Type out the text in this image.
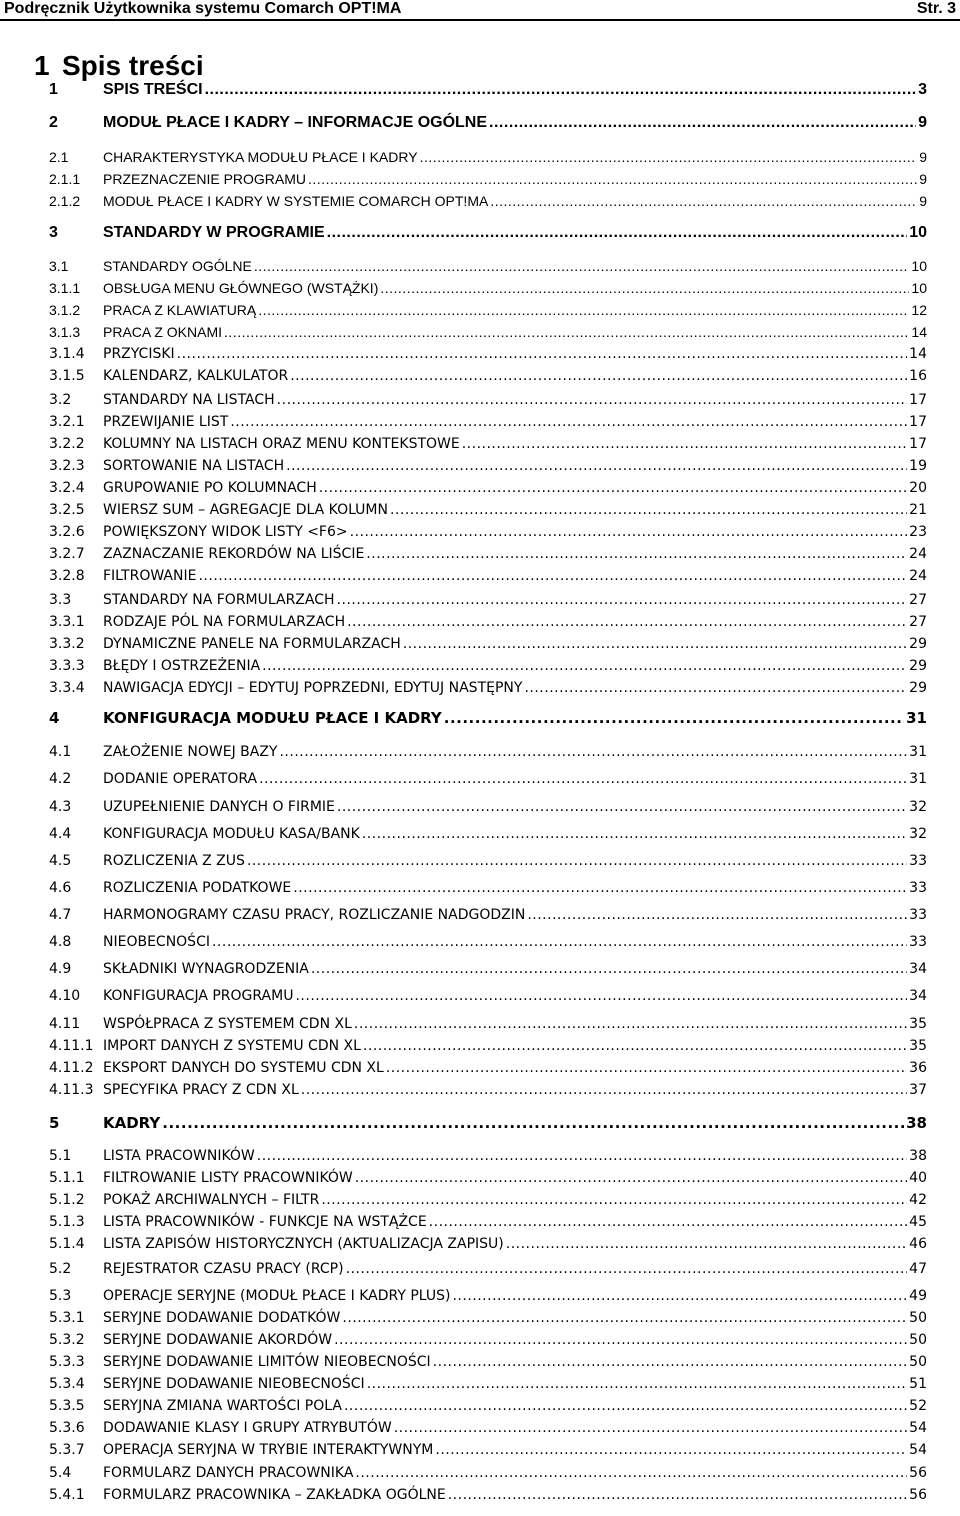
Podręcznik Użytkownika systemu Comarch OPT!MA	Str. 3
1 Spis treści
1	SPIS TREŚCI .....	3
2	MODUŁ PŁACE I KADRY – INFORMACJE OGÓLNE .....	9
2.1	CHARAKTERYSTYKA MODUŁU PŁACE I KADRY .....	9
2.1.1	PRZEZNACZENIE PROGRAMU .....	9
2.1.2	MODUŁ PŁACE I KADRY W SYSTEMIE COMARCH OPT!MA .....	9
3	STANDARDY W PROGRAMIE .....	10
3.1	STANDARDY OGÓLNE .....	10
3.1.1	OBSŁUGA MENU GŁÓWNEGO (WSTĄŻKI) .....	10
3.1.2	PRACA Z KLAWIATURĄ .....	12
3.1.3	PRACA Z OKNAMI .....	14
3.1.4	PRZYCISKI .....	14
3.1.5	KALENDARZ, KALKULATOR .....	16
3.2	STANDARDY NA LISTACH .....	17
3.2.1	PRZEWIJANIE LIST .....	17
3.2.2	KOLUMNY NA LISTACH ORAZ MENU KONTEKSTOWE .....	17
3.2.3	SORTOWANIE NA LISTACH .....	19
3.2.4	GRUPOWANIE PO KOLUMNACH .....	20
3.2.5	WIERSZ SUM – AGREGACJE DLA KOLUMN .....	21
3.2.6	POWIĘKSZONY WIDOK LISTY <F6> .....	23
3.2.7	ZAZNACZANIE REKORDÓW NA LIŚCIE .....	24
3.2.8	FILTROWANIE .....	24
3.3	STANDARDY NA FORMULARZACH .....	27
3.3.1	RODZAJE PÓL NA FORMULARZACH .....	27
3.3.2	DYNAMICZNE PANELE NA FORMULARZACH .....	29
3.3.3	BŁĘDY I OSTRZEŻENIA .....	29
3.3.4	NAWIGACJA EDYCJI – EDYTUJ POPRZEDNI, EDYTUJ NASTĘPNY .....	29
4	KONFIGURACJA MODUŁU PŁACE I KADRY .....	31
4.1	ZAŁOŻENIE NOWEJ BAZY .....	31
4.2	DODANIE OPERATORA .....	31
4.3	UZUPEŁNIENIE DANYCH O FIRMIE .....	32
4.4	KONFIGURACJA MODUŁU KASA/BANK .....	32
4.5	ROZLICZENIA Z ZUS .....	33
4.6	ROZLICZENIA PODATKOWE .....	33
4.7	HARMONOGRAMY CZASU PRACY, ROZLICZANIE NADGODZIN .....	33
4.8	NIEOBECNOŚCI .....	33
4.9	SKŁADNIKI WYNAGRODZENIA .....	34
4.10	KONFIGURACJA PROGRAMU .....	34
4.11	WSPÓŁPRACA Z SYSTEMEM CDN XL .....	35
4.11.1 IMPORT DANYCH Z SYSTEMU CDN XL .....	35
4.11.2 EKSPORT DANYCH DO SYSTEMU CDN XL .....	36
4.11.3 SPECYFIKA PRACY Z CDN XL .....	37
5	KADRY .....	38
5.1	LISTA PRACOWNIKÓW .....	38
5.1.1	FILTROWANIE LISTY PRACOWNIKÓW .....	40
5.1.2	POKAŻ ARCHIWALNYCH – FILTR .....	42
5.1.3	LISTA PRACOWNIKÓW - FUNKCJE NA WSTĄŻCE .....	45
5.1.4	LISTA ZAPISÓW HISTORYCZNYCH (AKTUALIZACJA ZAPISU) .....	46
5.2	REJESTRATOR CZASU PRACY (RCP) .....	47
5.3	OPERACJE SERYJNE (MODUŁ PŁACE I KADRY PLUS) .....	49
5.3.1	SERYJNE DODAWANIE DODATKÓW .....	50
5.3.2	SERYJNE DODAWANIE AKORDÓW .....	50
5.3.3	SERYJNE DODAWANIE LIMITÓW NIEOBECNOŚCI .....	50
5.3.4	SERYJNE DODAWANIE NIEOBECNOŚCI .....	51
5.3.5	SERYJNA ZMIANA WARTOŚCI POLA .....	52
5.3.6	DODAWANIE KLASY I GRUPY ATRYBUTÓW .....	54
5.3.7	OPERACJA SERYJNA W TRYBIE INTERAKTYWNYM .....	54
5.4	FORMULARZ DANYCH PRACOWNIKA .....	56
5.4.1	FORMULARZ PRACOWNIKA – ZAKŁADKA OGÓLNE .....	56
